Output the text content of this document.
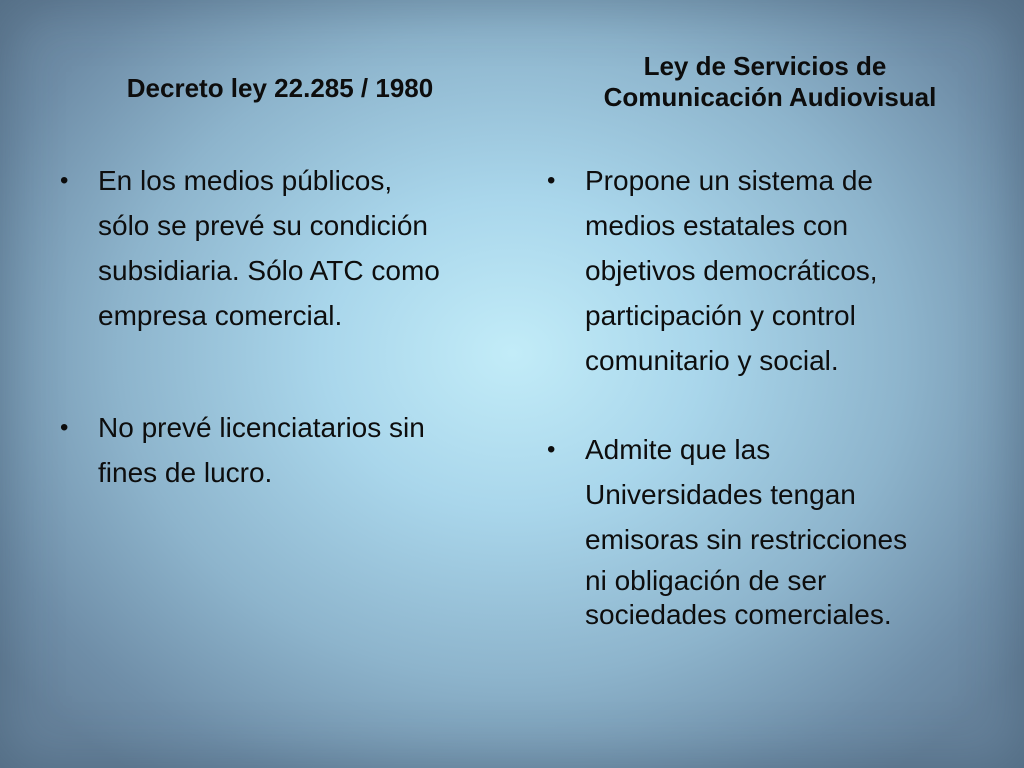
Decreto ley 22.285 / 1980
Ley de Servicios de
Comunicación Audiovisual
• En los medios públicos,
sólo se prevé su condición
subsidiaria. Sólo ATC como
empresa comercial.
• No prevé licenciatarios sin
fines de lucro.
• Propone un sistema de
medios estatales con
objetivos democráticos,
participación y control
comunitario y social.
• Admite que las
Universidades tengan
emisoras sin restricciones
ni obligación de ser
sociedades comerciales.
